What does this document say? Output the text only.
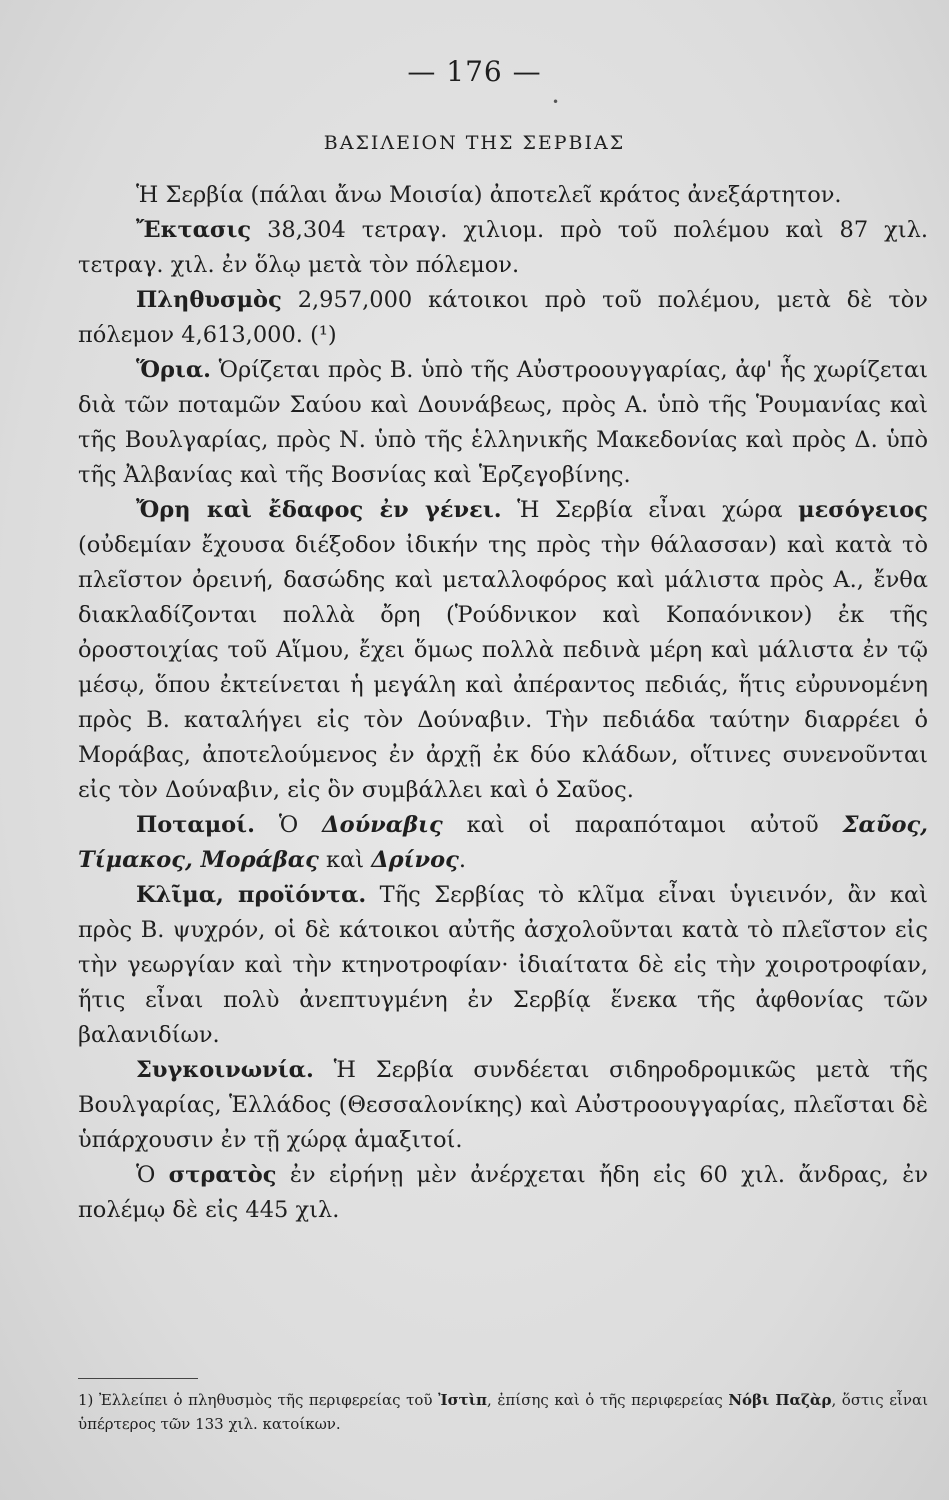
— 176 —
•
ΒΑΣΙΛΕΙΟΝ ΤΗΣ ΣΕΡΒΙΑΣ

Ἡ Σερβία (πάλαι ἄνω Μοισία) ἀποτελεῖ κράτος ἀνεξάρτητον.

Ἔκτασις 38,304 τετραγ. χιλιομ. πρὸ τοῦ πολέμου καὶ 87 χιλ. τετραγ. χιλ. ἐν ὅλῳ μετὰ τὸν πόλεμον.

Πληθυσμὸς 2,957,000 κάτοικοι πρὸ τοῦ πολέμου, μετὰ δὲ τὸν πόλεμον 4,613,000. (¹)

Ὅρια. Ὁρίζεται πρὸς Β. ὑπὸ τῆς Αὐστροουγγαρίας, ἀφ' ἧς χωρίζεται διὰ τῶν ποταμῶν Σαύου καὶ Δουνάβεως, πρὸς Α. ὑπὸ τῆς Ῥουμανίας καὶ τῆς Βουλγαρίας, πρὸς Ν. ὑπὸ τῆς ἑλληνικῆς Μακεδονίας καὶ πρὸς Δ. ὑπὸ τῆς Ἀλβανίας καὶ τῆς Βοσνίας καὶ Ἑρζεγοβίνης.

Ὄρη καὶ ἔδαφος ἐν γένει. Ἡ Σερβία εἶναι χώρα μεσόγειος (οὐδεμίαν ἔχουσα διέξοδον ἰδικήν της πρὸς τὴν θάλασσαν) καὶ κατὰ τὸ πλεῖστον ὀρεινή, δασώδης καὶ μεταλλοφόρος καὶ μάλιστα πρὸς Α., ἔνθα διακλαδίζονται πολλὰ ὄρη (Ῥούδνικον καὶ Κοπαόνικον) ἐκ τῆς ὀροστοιχίας τοῦ Αἵμου, ἔχει ὅμως πολλὰ πεδινὰ μέρη καὶ μάλιστα ἐν τῷ μέσῳ, ὅπου ἐκτείνεται ἡ μεγάλη καὶ ἀπέραντος πεδιάς, ἥτις εὐρυνομένη πρὸς Β. καταλήγει εἰς τὸν Δούναβιν. Τὴν πεδιάδα ταύτην διαρρέει ὁ Μοράβας, ἀποτελούμενος ἐν ἀρχῇ ἐκ δύο κλάδων, οἵτινες συνενοῦνται εἰς τὸν Δούναβιν, εἰς ὃν συμβάλλει καὶ ὁ Σαῦος.

Ποταμοί. Ὁ Δούναβις καὶ οἱ παραπόταμοι αὐτοῦ Σαῦος, Τίμακος, Μοράβας καὶ Δρίνος.

Κλῖμα, προϊόντα. Τῆς Σερβίας τὸ κλῖμα εἶναι ὑγιεινόν, ἂν καὶ πρὸς Β. ψυχρόν, οἱ δὲ κάτοικοι αὐτῆς ἀσχολοῦνται κατὰ τὸ πλεῖστον εἰς τὴν γεωργίαν καὶ τὴν κτηνοτροφίαν· ἰδιαίτατα δὲ εἰς τὴν χοιροτροφίαν, ἥτις εἶναι πολὺ ἀνεπτυγμένη ἐν Σερβίᾳ ἕνεκα τῆς ἀφθονίας τῶν βαλανιδίων.

Συγκοινωνία. Ἡ Σερβία συνδέεται σιδηροδρομικῶς μετὰ τῆς Βουλγαρίας, Ἑλλάδος (Θεσσαλονίκης) καὶ Αὐστροουγγαρίας, πλεῖσται δὲ ὑπάρχουσιν ἐν τῇ χώρᾳ ἁμαξιτοί.

Ὁ στρατὸς ἐν εἰρήνῃ μὲν ἀνέρχεται ἤδη εἰς 60 χιλ. ἄνδρας, ἐν πολέμῳ δὲ εἰς 445 χιλ.

1) Ἐλλείπει ὁ πληθυσμὸς τῆς περιφερείας τοῦ Ἰστὶπ, ἐπίσης καὶ ὁ τῆς περιφερείας Νόβι Παζὰρ, ὅστις εἶναι ὑπέρτερος τῶν 133 χιλ. κατοίκων.
